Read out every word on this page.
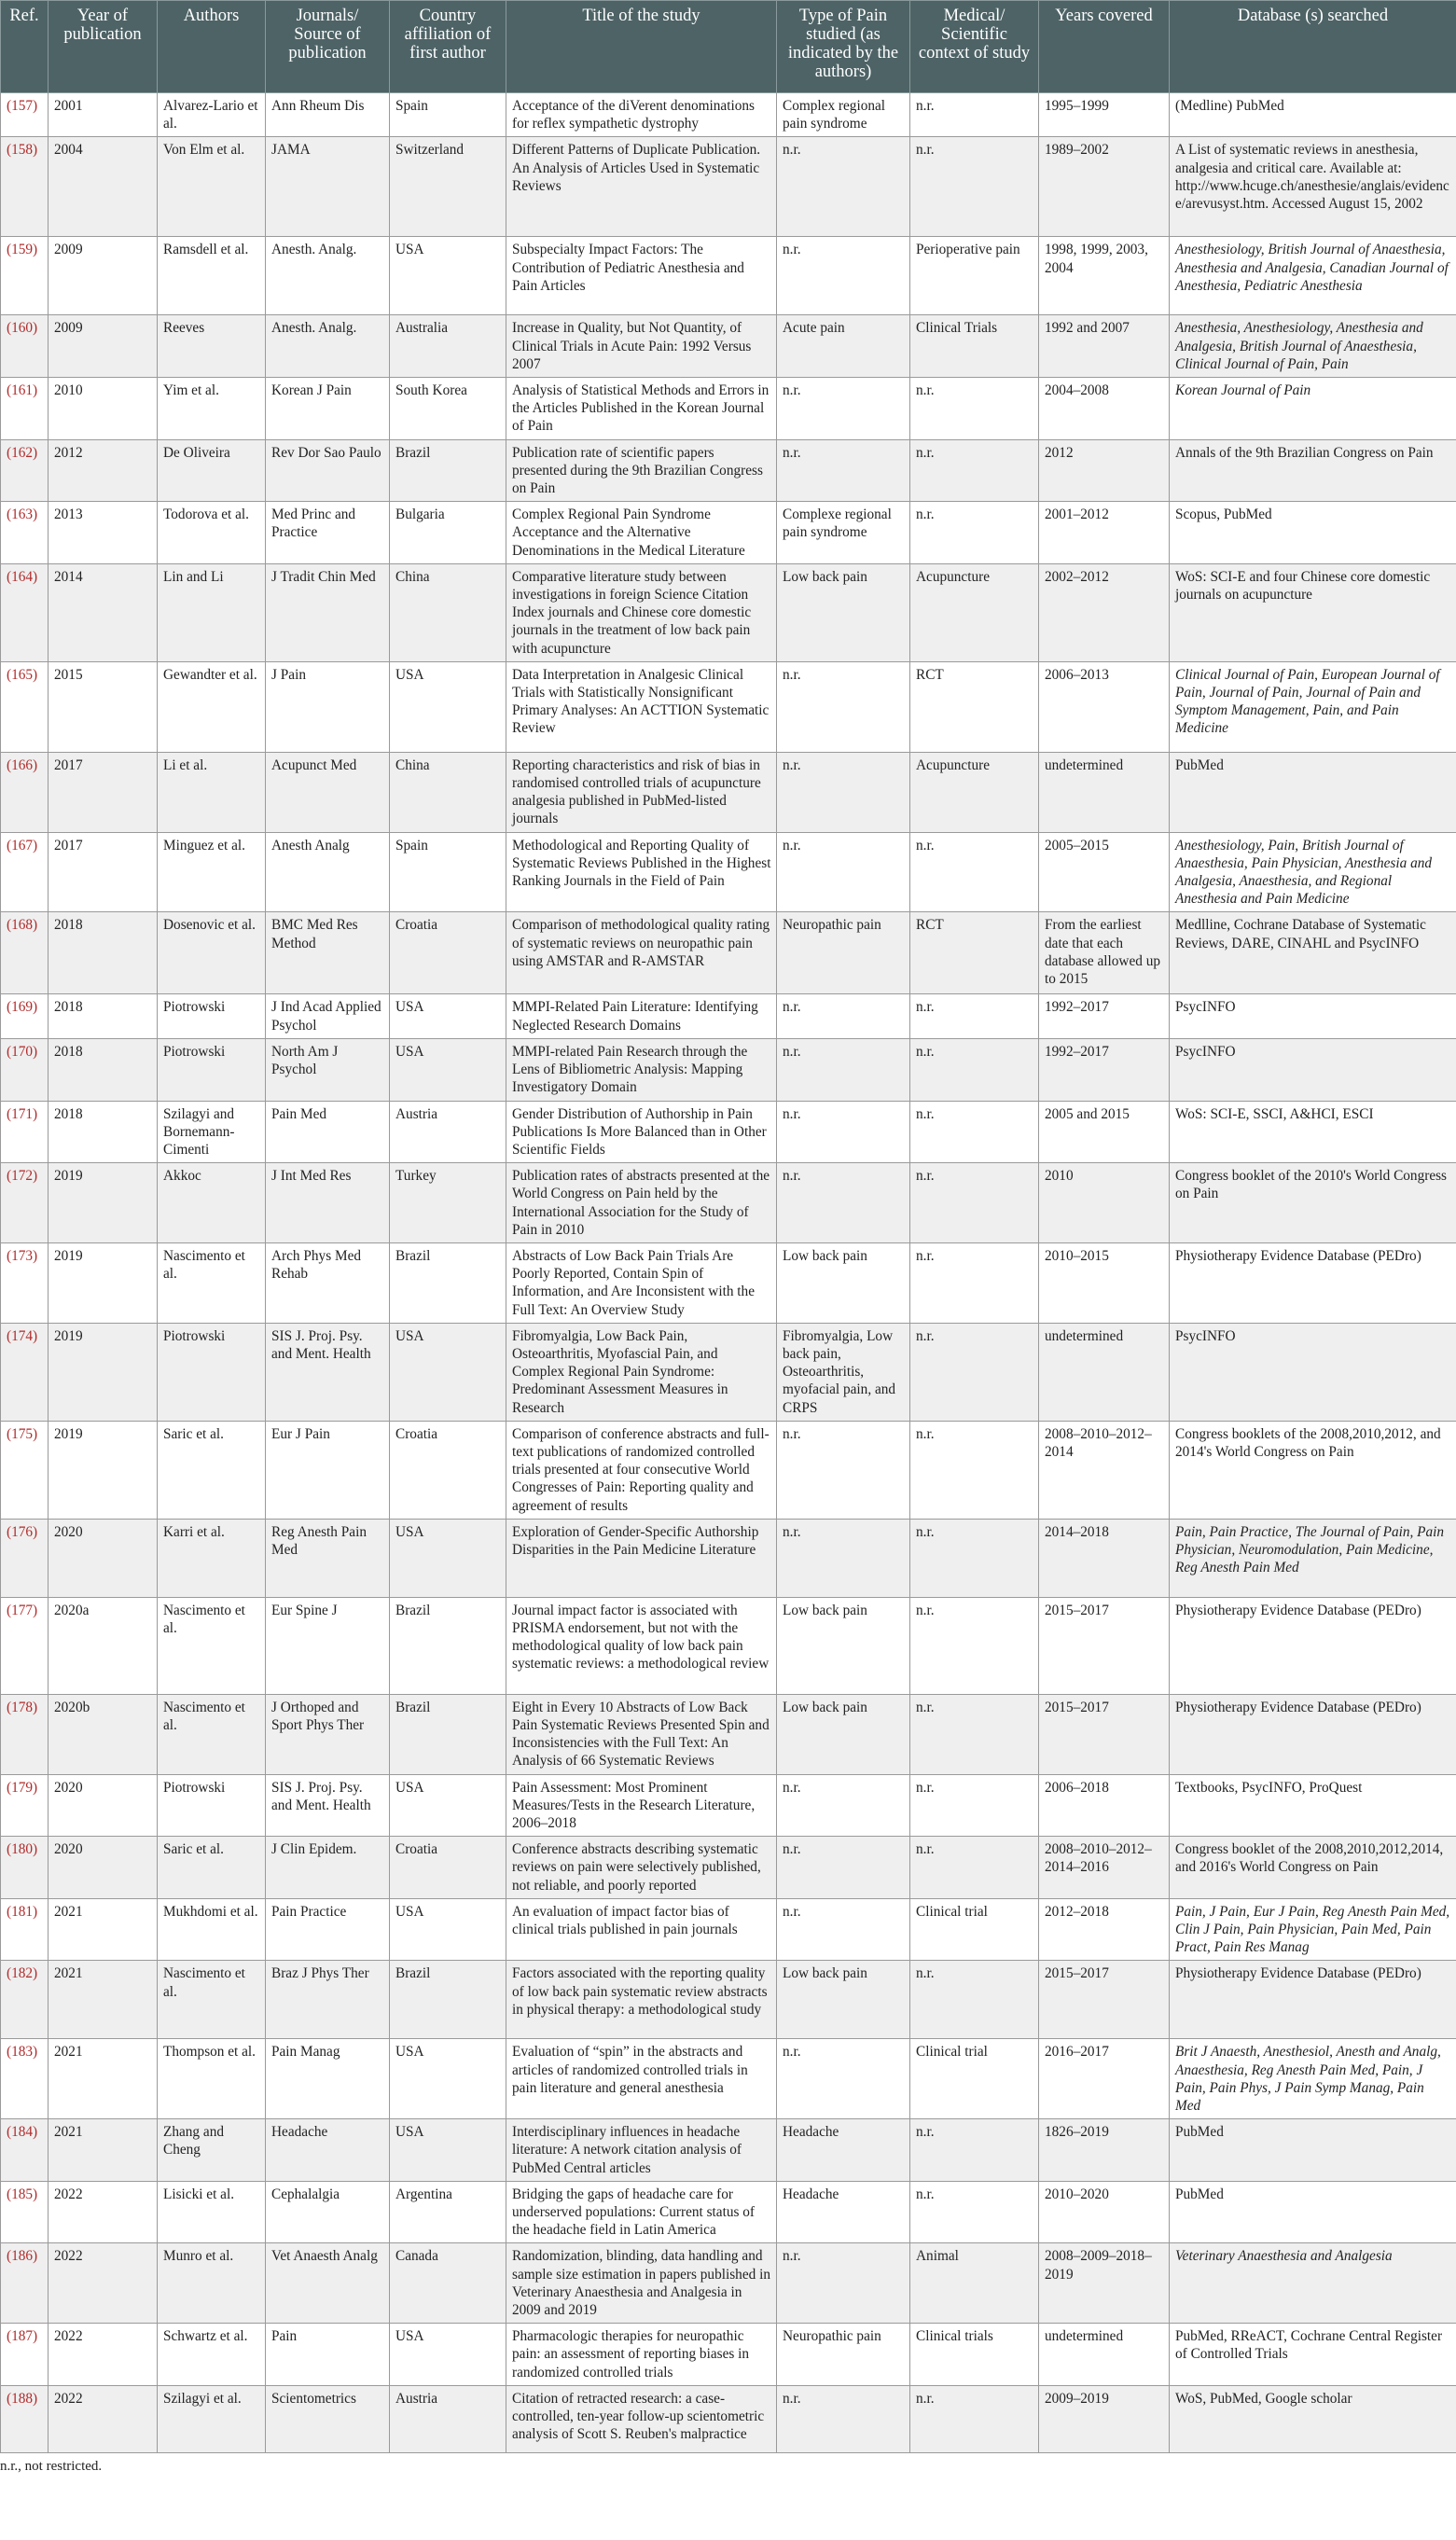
Ref.	Year of publication	Authors	Journals/ Source of publication	Country affiliation of first author	Title of the study	Type of Pain studied (as indicated by the authors)	Medical/ Scientific context of study	Years covered	Database (s) searched
(157)	2001	Alvarez-Lario et al.	Ann Rheum Dis	Spain	Acceptance of the diVerent denominations for reflex sympathetic dystrophy	Complex regional pain syndrome	n.r.	1995–1999	(Medline) PubMed
(158)	2004	Von Elm et al.	JAMA	Switzerland	Different Patterns of Duplicate Publication. An Analysis of Articles Used in Systematic Reviews	n.r.	n.r.	1989–2002	A List of systematic reviews in anesthesia, analgesia and critical care. Available at: http://www.hcuge.ch/anesthesie/anglais/evidence/arevusyst.htm. Accessed August 15, 2002
(159)	2009	Ramsdell et al.	Anesth. Analg.	USA	Subspecialty Impact Factors: The Contribution of Pediatric Anesthesia and Pain Articles	n.r.	Perioperative pain	1998, 1999, 2003, 2004	Anesthesiology, British Journal of Anaesthesia, Anesthesia and Analgesia, Canadian Journal of Anesthesia, Pediatric Anesthesia
(160)	2009	Reeves	Anesth. Analg.	Australia	Increase in Quality, but Not Quantity, of Clinical Trials in Acute Pain: 1992 Versus 2007	Acute pain	Clinical Trials	1992 and 2007	Anesthesia, Anesthesiology, Anesthesia and Analgesia, British Journal of Anaesthesia, Clinical Journal of Pain, Pain
(161)	2010	Yim et al.	Korean J Pain	South Korea	Analysis of Statistical Methods and Errors in the Articles Published in the Korean Journal of Pain	n.r.	n.r.	2004–2008	Korean Journal of Pain
(162)	2012	De Oliveira	Rev Dor Sao Paulo	Brazil	Publication rate of scientific papers presented during the 9th Brazilian Congress on Pain	n.r.	n.r.	2012	Annals of the 9th Brazilian Congress on Pain
(163)	2013	Todorova et al.	Med Princ and Practice	Bulgaria	Complex Regional Pain Syndrome Acceptance and the Alternative Denominations in the Medical Literature	Complexe regional pain syndrome	n.r.	2001–2012	Scopus, PubMed
(164)	2014	Lin and Li	J Tradit Chin Med	China	Comparative literature study between investigations in foreign Science Citation Index journals and Chinese core domestic journals in the treatment of low back pain with acupuncture	Low back pain	Acupuncture	2002–2012	WoS: SCI-E and four Chinese core domestic journals on acupuncture
(165)	2015	Gewandter et al.	J Pain	USA	Data Interpretation in Analgesic Clinical Trials with Statistically Nonsignificant Primary Analyses: An ACTTION Systematic Review	n.r.	RCT	2006–2013	Clinical Journal of Pain, European Journal of Pain, Journal of Pain, Journal of Pain and Symptom Management, Pain, and Pain Medicine
(166)	2017	Li et al.	Acupunct Med	China	Reporting characteristics and risk of bias in randomised controlled trials of acupuncture analgesia published in PubMed-listed journals	n.r.	Acupuncture	undetermined	PubMed
(167)	2017	Minguez et al.	Anesth Analg	Spain	Methodological and Reporting Quality of Systematic Reviews Published in the Highest Ranking Journals in the Field of Pain	n.r.	n.r.	2005–2015	Anesthesiology, Pain, British Journal of Anaesthesia, Pain Physician, Anesthesia and Analgesia, Anaesthesia, and Regional Anesthesia and Pain Medicine
(168)	2018	Dosenovic et al.	BMC Med Res Method	Croatia	Comparison of methodological quality rating of systematic reviews on neuropathic pain using AMSTAR and R-AMSTAR	Neuropathic pain	RCT	From the earliest date that each database allowed up to 2015	Medlline, Cochrane Database of Systematic Reviews, DARE, CINAHL and PsycINFO
(169)	2018	Piotrowski	J Ind Acad Applied Psychol	USA	MMPI-Related Pain Literature: Identifying Neglected Research Domains	n.r.	n.r.	1992–2017	PsycINFO
(170)	2018	Piotrowski	North Am J Psychol	USA	MMPI-related Pain Research through the Lens of Bibliometric Analysis: Mapping Investigatory Domain	n.r.	n.r.	1992–2017	PsycINFO
(171)	2018	Szilagyi and Bornemann-Cimenti	Pain Med	Austria	Gender Distribution of Authorship in Pain Publications Is More Balanced than in Other Scientific Fields	n.r.	n.r.	2005 and 2015	WoS: SCI-E, SSCI, A&HCI, ESCI
(172)	2019	Akkoc	J Int Med Res	Turkey	Publication rates of abstracts presented at the World Congress on Pain held by the International Association for the Study of Pain in 2010	n.r.	n.r.	2010	Congress booklet of the 2010's World Congress on Pain
(173)	2019	Nascimento et al.	Arch Phys Med Rehab	Brazil	Abstracts of Low Back Pain Trials Are Poorly Reported, Contain Spin of Information, and Are Inconsistent with the Full Text: An Overview Study	Low back pain	n.r.	2010–2015	Physiotherapy Evidence Database (PEDro)
(174)	2019	Piotrowski	SIS J. Proj. Psy. and Ment. Health	USA	Fibromyalgia, Low Back Pain, Osteoarthritis, Myofascial Pain, and Complex Regional Pain Syndrome: Predominant Assessment Measures in Research	Fibromyalgia, Low back pain, Osteoarthritis, myofacial pain, and CRPS	n.r.	undetermined	PsycINFO
(175)	2019	Saric et al.	Eur J Pain	Croatia	Comparison of conference abstracts and full-text publications of randomized controlled trials presented at four consecutive World Congresses of Pain: Reporting quality and agreement of results	n.r.	n.r.	2008–2010–2012–2014	Congress booklets of the 2008,2010,2012, and 2014's World Congress on Pain
(176)	2020	Karri et al.	Reg Anesth Pain Med	USA	Exploration of Gender-Specific Authorship Disparities in the Pain Medicine Literature	n.r.	n.r.	2014–2018	Pain, Pain Practice, The Journal of Pain, Pain Physician, Neuromodulation, Pain Medicine, Reg Anesth Pain Med
(177)	2020a	Nascimento et al.	Eur Spine J	Brazil	Journal impact factor is associated with PRISMA endorsement, but not with the methodological quality of low back pain systematic reviews: a methodological review	Low back pain	n.r.	2015–2017	Physiotherapy Evidence Database (PEDro)
(178)	2020b	Nascimento et al.	J Orthoped and Sport Phys Ther	Brazil	Eight in Every 10 Abstracts of Low Back Pain Systematic Reviews Presented Spin and Inconsistencies with the Full Text: An Analysis of 66 Systematic Reviews	Low back pain	n.r.	2015–2017	Physiotherapy Evidence Database (PEDro)
(179)	2020	Piotrowski	SIS J. Proj. Psy. and Ment. Health	USA	Pain Assessment: Most Prominent Measures/Tests in the Research Literature, 2006–2018	n.r.	n.r.	2006–2018	Textbooks, PsycINFO, ProQuest
(180)	2020	Saric et al.	J Clin Epidem.	Croatia	Conference abstracts describing systematic reviews on pain were selectively published, not reliable, and poorly reported	n.r.	n.r.	2008–2010–2012–2014–2016	Congress booklet of the 2008,2010,2012,2014, and 2016's World Congress on Pain
(181)	2021	Mukhdomi et al.	Pain Practice	USA	An evaluation of impact factor bias of clinical trials published in pain journals	n.r.	Clinical trial	2012–2018	Pain, J Pain, Eur J Pain, Reg Anesth Pain Med, Clin J Pain, Pain Physician, Pain Med, Pain Pract, Pain Res Manag
(182)	2021	Nascimento et al.	Braz J Phys Ther	Brazil	Factors associated with the reporting quality of low back pain systematic review abstracts in physical therapy: a methodological study	Low back pain	n.r.	2015–2017	Physiotherapy Evidence Database (PEDro)
(183)	2021	Thompson et al.	Pain Manag	USA	Evaluation of “spin” in the abstracts and articles of randomized controlled trials in pain literature and general anesthesia	n.r.	Clinical trial	2016–2017	Brit J Anaesth, Anesthesiol, Anesth and Analg, Anaesthesia, Reg Anesth Pain Med, Pain, J Pain, Pain Phys, J Pain Symp Manag, Pain Med
(184)	2021	Zhang and Cheng	Headache	USA	Interdisciplinary influences in headache literature: A network citation analysis of PubMed Central articles	Headache	n.r.	1826–2019	PubMed
(185)	2022	Lisicki et al.	Cephalalgia	Argentina	Bridging the gaps of headache care for underserved populations: Current status of the headache field in Latin America	Headache	n.r.	2010–2020	PubMed
(186)	2022	Munro et al.	Vet Anaesth Analg	Canada	Randomization, blinding, data handling and sample size estimation in papers published in Veterinary Anaesthesia and Analgesia in 2009 and 2019	n.r.	Animal	2008–2009–2018–2019	Veterinary Anaesthesia and Analgesia
(187)	2022	Schwartz et al.	Pain	USA	Pharmacologic therapies for neuropathic pain: an assessment of reporting biases in randomized controlled trials	Neuropathic pain	Clinical trials	undetermined	PubMed, RReACT, Cochrane Central Register of Controlled Trials
(188)	2022	Szilagyi et al.	Scientometrics	Austria	Citation of retracted research: a case-controlled, ten-year follow-up scientometric analysis of Scott S. Reuben's malpractice	n.r.	n.r.	2009–2019	WoS, PubMed, Google scholar
n.r., not restricted.
